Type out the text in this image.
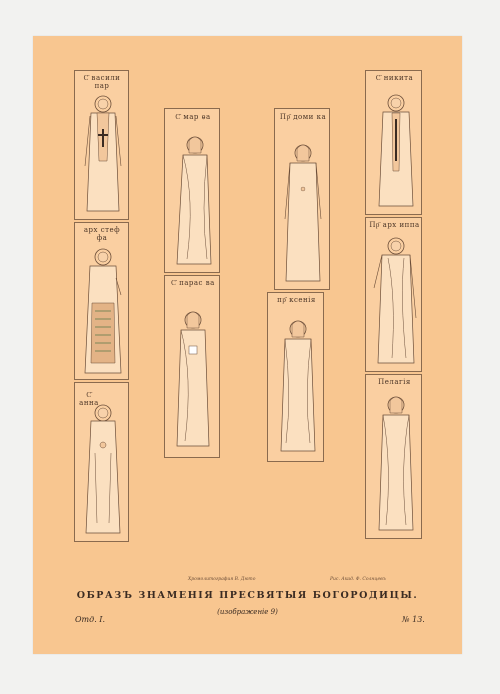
С҃ васили пар
арх стеф фа
С҃ анна
С҃ мар ѳа
С҃ парас ва
Пр҃ доми ка
пр҃ ксенія
С҃ никита
Пр҃ арх иппа
Пелагія
Хромолитография В. Дюто	Рис. Акад. Ф. Солнцевъ
ОБРАЗЪ ЗНАМЕНІЯ ПРЕСВЯТЫЯ БОГОРОДИЦЫ.
(изображеніе 9)
Отд. I.	№ 13.
